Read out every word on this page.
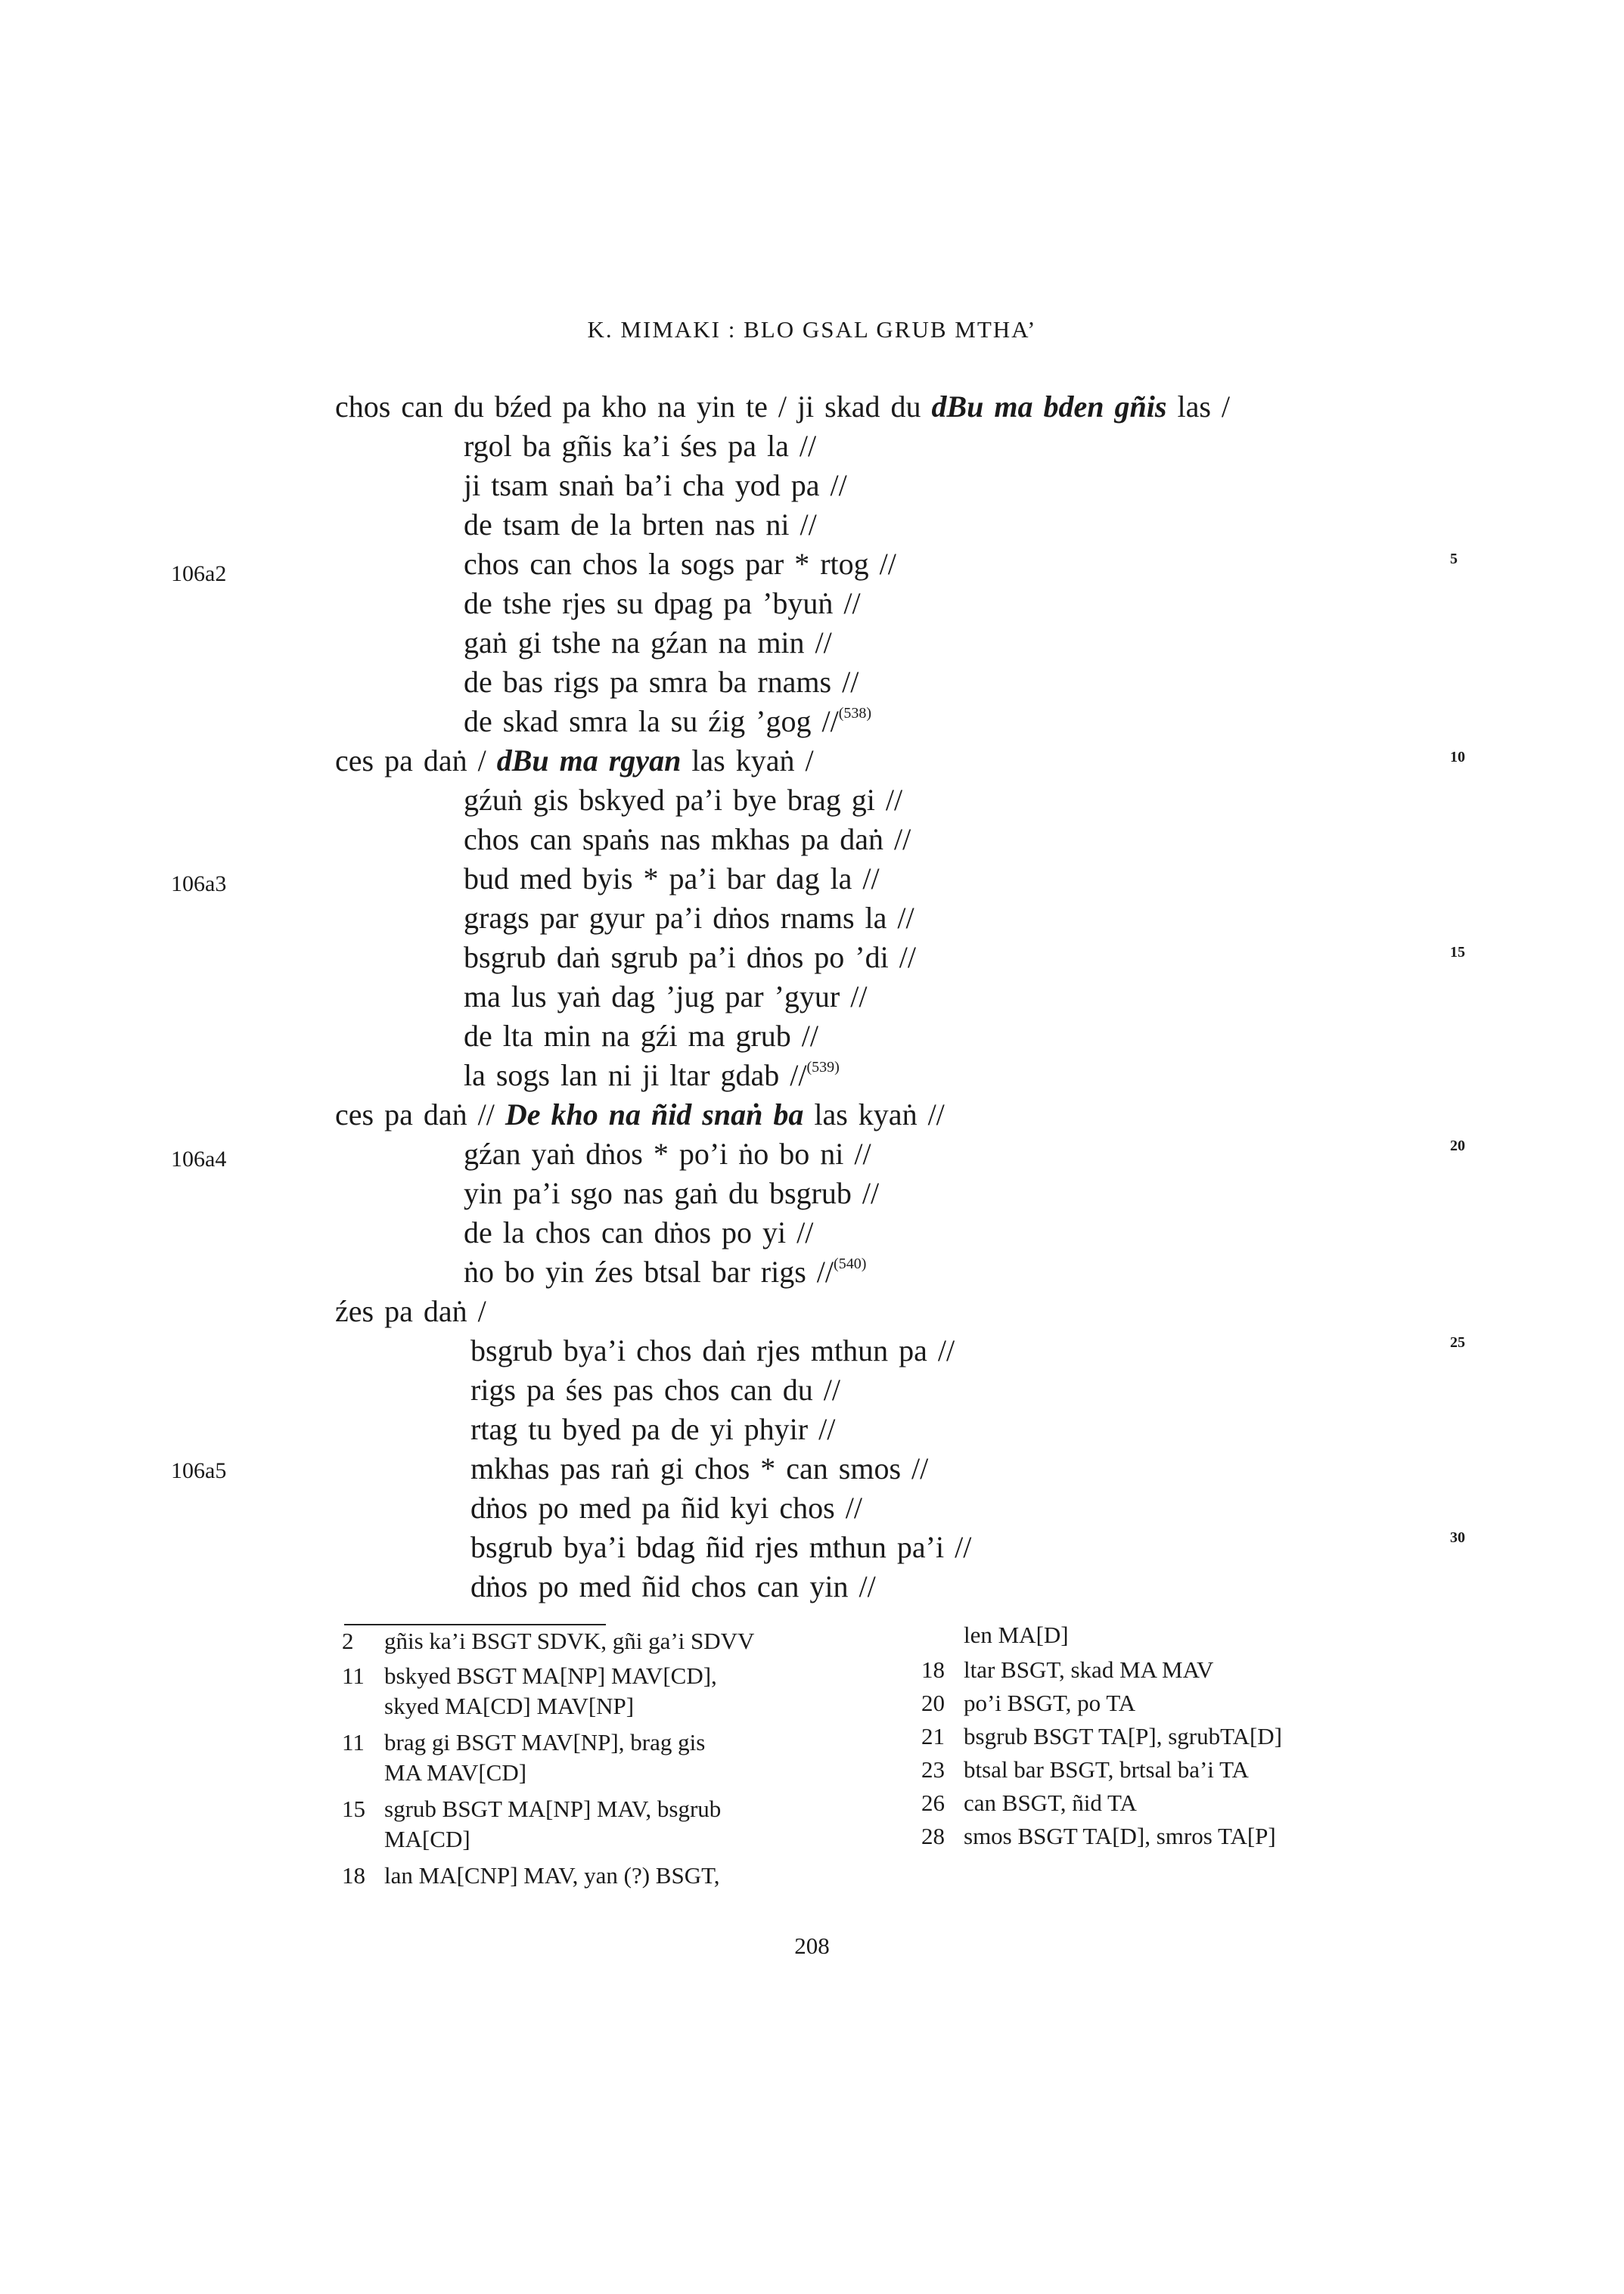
K. MIMAKI : BLO GSAL GRUB MTHA’
chos can du bźed pa kho na yin te / ji skad du dBu ma bden gñis las /
rgol ba gñis ka’i śes pa la //
ji tsam snaṅ ba’i cha yod pa //
de tsam de la brten nas ni //
chos can chos la sogs par * rtog //
de tshe rjes su dpag pa ’byuṅ //
gaṅ gi tshe na gźan na min //
de bas rigs pa smra ba rnams //
de skad smra la su źig ’gog //$^{(538)}$
ces pa daṅ / dBu ma rgyan las kyaṅ /
gźuṅ gis bskyed pa’i bye brag gi //
chos can spaṅs nas mkhas pa daṅ //
bud med byis * pa’i bar dag la //
grags par gyur pa’i dṅos rnams la //
bsgrub daṅ sgrub pa’i dṅos po ’di //
ma lus yaṅ dag ’jug par ’gyur //
de lta min na gźi ma grub //
la sogs lan ni ji ltar gdab //$^{(539)}$
ces pa daṅ // De kho na ñid snaṅ ba las kyaṅ //
gźan yaṅ dṅos * po’i ṅo bo ni //
yin pa’i sgo nas gaṅ du bsgrub //
de la chos can dṅos po yi //
ṅo bo yin źes btsal bar rigs //$^{(540)}$
źes pa daṅ /
bsgrub bya’i chos daṅ rjes mthun pa //
rigs pa śes pas chos can du //
rtag tu byed pa de yi phyir //
mkhas pas raṅ gi chos * can smos //
dṅos po med pa ñid kyi chos //
bsgrub bya’i bdag ñid rjes mthun pa’i //
dṅos po med ñid chos can yin //
106a2
106a3
106a4
106a5
5
10
15
20
25
30
2 gñis ka’i BSGT SDVK, gñi ga’i SDVV
11 bskyed BSGT MA[NP] MAV[CD],
skyed MA[CD] MAV[NP]
11 brag gi BSGT MAV[NP], brag gis
MA MAV[CD]
15 sgrub BSGT MA[NP] MAV, bsgrub
MA[CD]
18 lan MA[CNP] MAV, yan (?) BSGT,
len MA[D]
18 ltar BSGT, skad MA MAV
20 po’i BSGT, po TA
21 bsgrub BSGT TA[P], sgrubTA[D]
23 btsal bar BSGT, brtsal ba’i TA
26 can BSGT, ñid TA
28 smos BSGT TA[D], smros TA[P]
208
